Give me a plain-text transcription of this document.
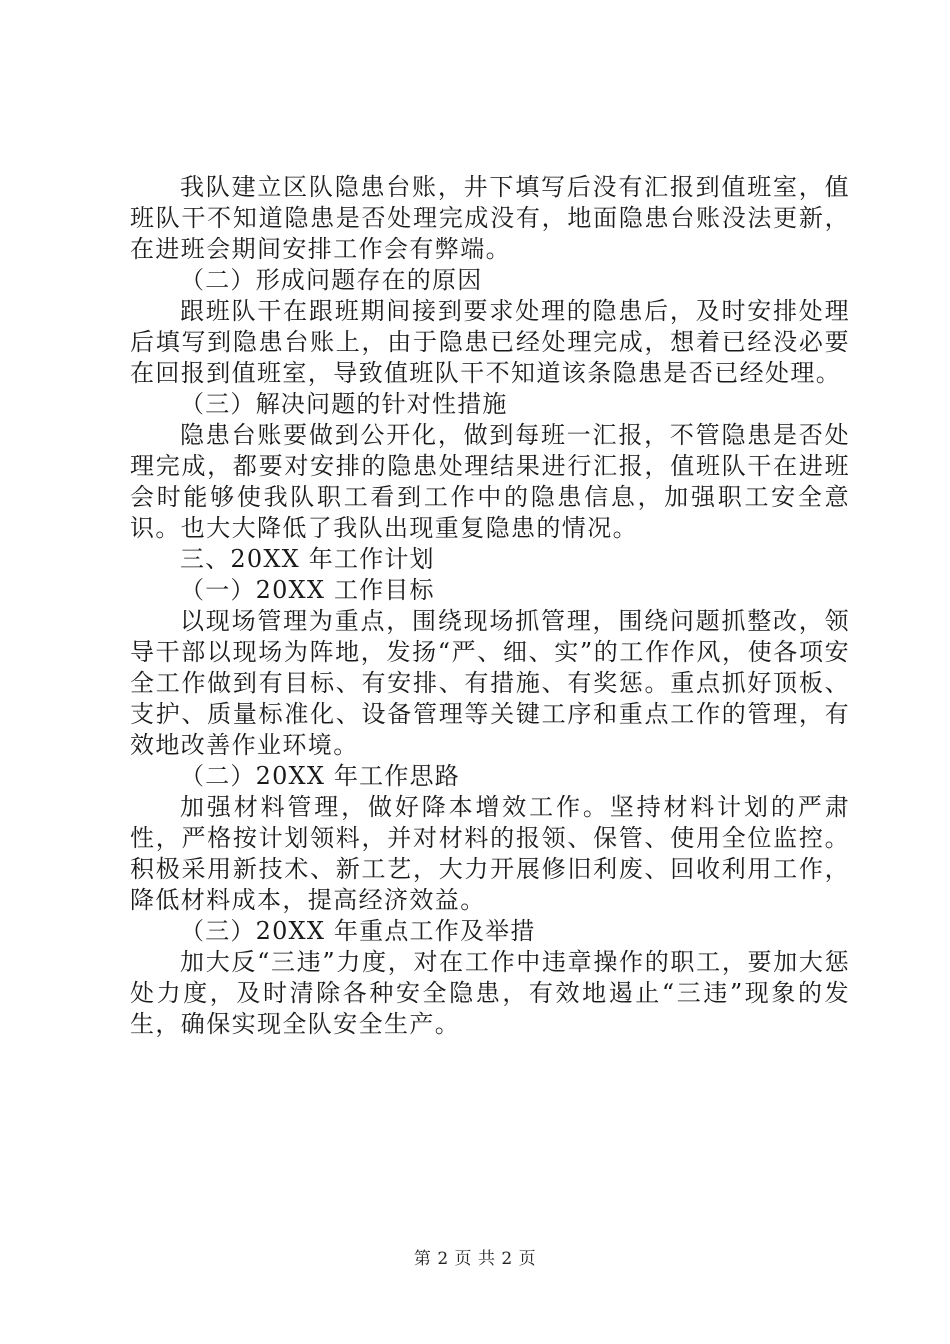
我队建立区队隐患台账，井下填写后没有汇报到值班室，值班队干不知道隐患是否处理完成没有，地面隐患台账没法更新，在进班会期间安排工作会有弊端。

（二）形成问题存在的原因

跟班队干在跟班期间接到要求处理的隐患后，及时安排处理后填写到隐患台账上，由于隐患已经处理完成，想着已经没必要在回报到值班室，导致值班队干不知道该条隐患是否已经处理。

（三）解决问题的针对性措施

隐患台账要做到公开化，做到每班一汇报，不管隐患是否处理完成，都要对安排的隐患处理结果进行汇报，值班队干在进班会时能够使我队职工看到工作中的隐患信息，加强职工安全意识。也大大降低了我队出现重复隐患的情况。

三、20XX 年工作计划

（一）20XX 工作目标

以现场管理为重点，围绕现场抓管理，围绕问题抓整改，领导干部以现场为阵地，发扬“严、细、实”的工作作风，使各项安全工作做到有目标、有安排、有措施、有奖惩。重点抓好顶板、支护、质量标准化、设备管理等关键工序和重点工作的管理，有效地改善作业环境。

（二）20XX 年工作思路

加强材料管理，做好降本增效工作。坚持材料计划的严肃性，严格按计划领料，并对材料的报领、保管、使用全位监控。积极采用新技术、新工艺，大力开展修旧利废、回收利用工作，降低材料成本，提高经济效益。

（三）20XX 年重点工作及举措

加大反“三违”力度，对在工作中违章操作的职工，要加大惩处力度，及时清除各种安全隐患，有效地遏止“三违”现象的发生，确保实现全队安全生产。

第 2 页 共 2 页
